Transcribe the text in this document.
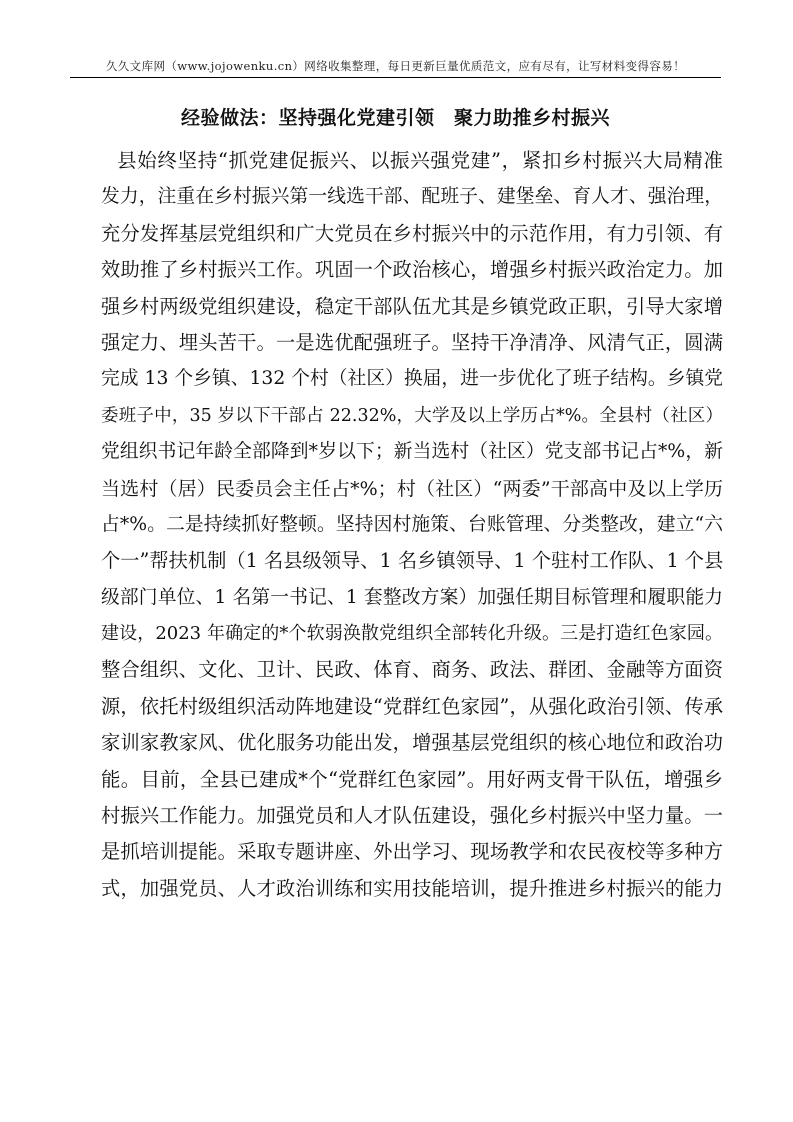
久久文库网（www.jojowenku.cn）网络收集整理，每日更新巨量优质范文，应有尽有，让写材料变得容易！
经验做法：坚持强化党建引领　聚力助推乡村振兴
县始终坚持“抓党建促振兴、以振兴强党建”，紧扣乡村振兴大局精准
发力，注重在乡村振兴第一线选干部、配班子、建堡垒、育人才、强治理，
充分发挥基层党组织和广大党员在乡村振兴中的示范作用，有力引领、有
效助推了乡村振兴工作。巩固一个政治核心，增强乡村振兴政治定力。加
强乡村两级党组织建设，稳定干部队伍尤其是乡镇党政正职，引导大家增
强定力、埋头苦干。一是选优配强班子。坚持干净清净、风清气正，圆满
完成 13 个乡镇、132 个村（社区）换届，进一步优化了班子结构。乡镇党
委班子中，35 岁以下干部占 22.32%，大学及以上学历占*%。全县村（社区）
党组织书记年龄全部降到*岁以下；新当选村（社区）党支部书记占*%，新
当选村（居）民委员会主任占*%；村（社区）“两委”干部高中及以上学历
占*%。二是持续抓好整顿。坚持因村施策、台账管理、分类整改，建立“六
个一”帮扶机制（1 名县级领导、1 名乡镇领导、1 个驻村工作队、1 个县
级部门单位、1 名第一书记、1 套整改方案）加强任期目标管理和履职能力
建设，2023 年确定的*个软弱涣散党组织全部转化升级。三是打造红色家园。
整合组织、文化、卫计、民政、体育、商务、政法、群团、金融等方面资
源，依托村级组织活动阵地建设“党群红色家园”，从强化政治引领、传承
家训家教家风、优化服务功能出发，增强基层党组织的核心地位和政治功
能。目前，全县已建成*个“党群红色家园”。用好两支骨干队伍，增强乡
村振兴工作能力。加强党员和人才队伍建设，强化乡村振兴中坚力量。一
是抓培训提能。采取专题讲座、外出学习、现场教学和农民夜校等多种方
式，加强党员、人才政治训练和实用技能培训，提升推进乡村振兴的能力
